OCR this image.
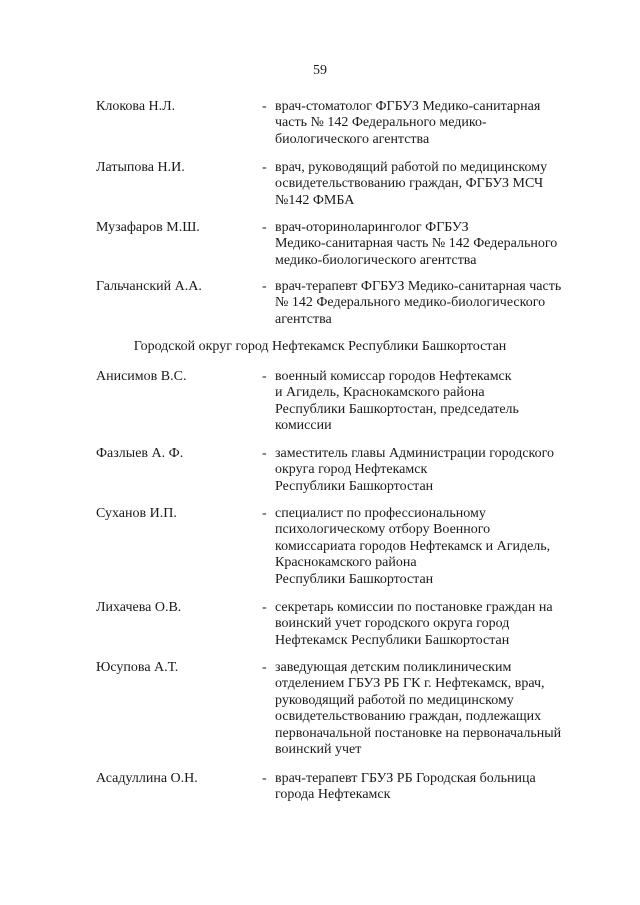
59
Клокова Н.Л.	- врач-стоматолог ФГБУЗ Медико-санитарная
часть № 142 Федерального медико-
биологического агентства
Латыпова Н.И.	- врач, руководящий работой по медицинскому
освидетельствованию граждан, ФГБУЗ МСЧ
№142 ФМБА
Музафаров М.Ш.	- врач-оториноларинголог ФГБУЗ
Медико-санитарная часть № 142 Федерального
медико-биологического агентства
Гальчанский А.А.	- врач-терапевт ФГБУЗ Медико-санитарная часть
№ 142 Федерального медико-биологического
агентства
Городской округ город Нефтекамск Республики Башкортостан
Анисимов В.С.	- военный комиссар городов Нефтекамск
и Агидель, Краснокамского района
Республики Башкортостан, председатель
комиссии
Фазлыев А. Ф.	- заместитель главы Администрации городского
округа город Нефтекамск
Республики Башкортостан
Суханов И.П.	- специалист по профессиональному
психологическому отбору Военного
комиссариата городов Нефтекамск и Агидель,
Краснокамского района
Республики Башкортостан
Лихачева О.В.	- секретарь комиссии по постановке граждан на
воинский учет городского округа город
Нефтекамск Республики Башкортостан
Юсупова А.Т.	- заведующая детским поликлиническим
отделением ГБУЗ РБ ГК г. Нефтекамск, врач,
руководящий работой по медицинскому
освидетельствованию граждан, подлежащих
первоначальной постановке на первоначальный
воинский учет
Асадуллина О.Н.	- врач-терапевт ГБУЗ РБ Городская больница
города Нефтекамск
